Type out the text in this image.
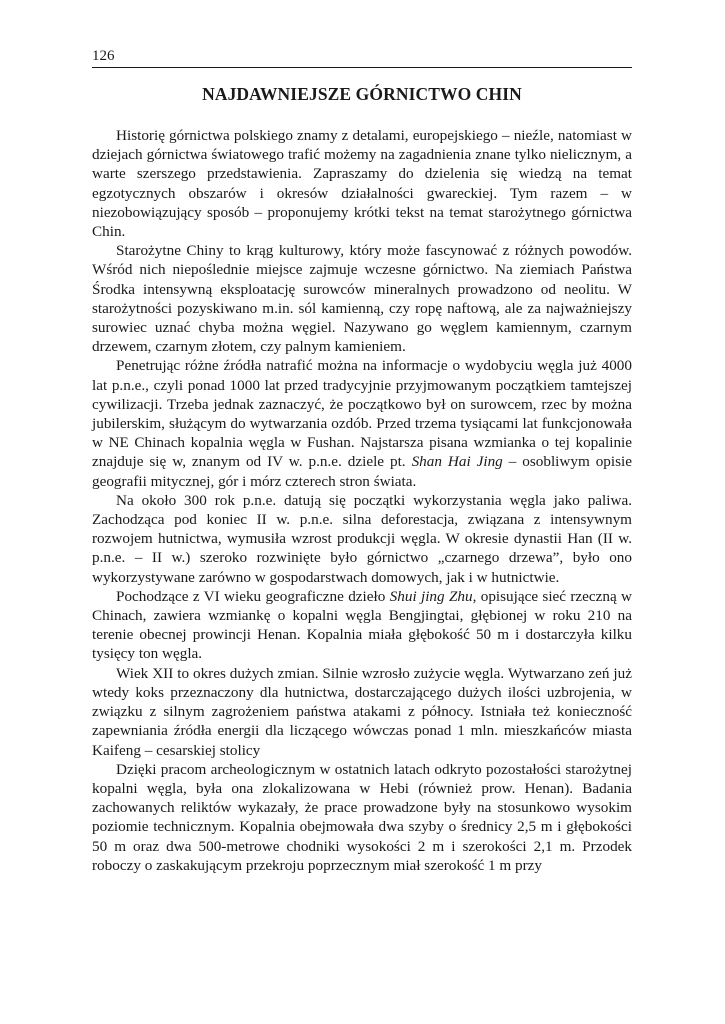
126
NAJDAWNIEJSZE GÓRNICTWO CHIN

Historię górnictwa polskiego znamy z detalami, europejskiego – nieźle, natomiast w dziejach górnictwa światowego trafić możemy na zagadnienia znane tylko nielicznym, a warte szerszego przedstawienia. Zapraszamy do dzielenia się wiedzą na temat egzotycznych obszarów i okresów działalności gwareckiej. Tym razem – w niezobowiązujący sposób – proponujemy krótki tekst na temat starożytnego górnictwa Chin.

Starożytne Chiny to krąg kulturowy, który może fascynować z różnych powodów. Wśród nich niepoślednie miejsce zajmuje wczesne górnictwo. Na ziemiach Państwa Środka intensywną eksploatację surowców mineralnych prowadzono od neolitu. W starożytności pozyskiwano m.in. sól kamienną, czy ropę naftową, ale za najważniejszy surowiec uznać chyba można węgiel. Nazywano go węglem kamiennym, czarnym drzewem, czarnym złotem, czy palnym kamieniem.

Penetrując różne źródła natrafić można na informacje o wydobyciu węgla już 4000 lat p.n.e., czyli ponad 1000 lat przed tradycyjnie przyjmowanym początkiem tamtejszej cywilizacji. Trzeba jednak zaznaczyć, że początkowo był on surowcem, rzec by można jubilerskim, służącym do wytwarzania ozdób. Przed trzema tysiącami lat funkcjonowała w NE Chinach kopalnia węgla w Fushan. Najstarsza pisana wzmianka o tej kopalinie znajduje się w, znanym od IV w. p.n.e. dziele pt. Shan Hai Jing – osobliwym opisie geografii mitycznej, gór i mórz czterech stron świata.

Na około 300 rok p.n.e. datują się początki wykorzystania węgla jako paliwa. Zachodząca pod koniec II w. p.n.e. silna deforestacja, związana z intensywnym rozwojem hutnictwa, wymusiła wzrost produkcji węgla. W okresie dynastii Han (II w. p.n.e. – II w.) szeroko rozwinięte było górnictwo „czarnego drzewa”, było ono wykorzystywane zarówno w gospodarstwach domowych, jak i w hutnictwie.

Pochodzące z VI wieku geograficzne dzieło Shui jing Zhu, opisujące sieć rzeczną w Chinach, zawiera wzmiankę o kopalni węgla Bengjingtai, głębionej w roku 210 na terenie obecnej prowincji Henan. Kopalnia miała głębokość 50 m i dostarczyła kilku tysięcy ton węgla.

Wiek XII to okres dużych zmian. Silnie wzrosło zużycie węgla. Wytwarzano zeń już wtedy koks przeznaczony dla hutnictwa, dostarczającego dużych ilości uzbrojenia, w związku z silnym zagrożeniem państwa atakami z północy. Istniała też konieczność zapewniania źródła energii dla liczącego wówczas ponad 1 mln. mieszkańców miasta Kaifeng – cesarskiej stolicy

Dzięki pracom archeologicznym w ostatnich latach odkryto pozostałości starożytnej kopalni węgla, była ona zlokalizowana w Hebi (również prow. Henan). Badania zachowanych reliktów wykazały, że prace prowadzone były na stosunkowo wysokim poziomie technicznym. Kopalnia obejmowała dwa szyby o średnicy 2,5 m i głębokości 50 m oraz dwa 500-metrowe chodniki wysokości 2 m i szerokości 2,1 m. Przodek roboczy o zaskakującym przekroju poprzecznym miał szerokość 1 m przy
